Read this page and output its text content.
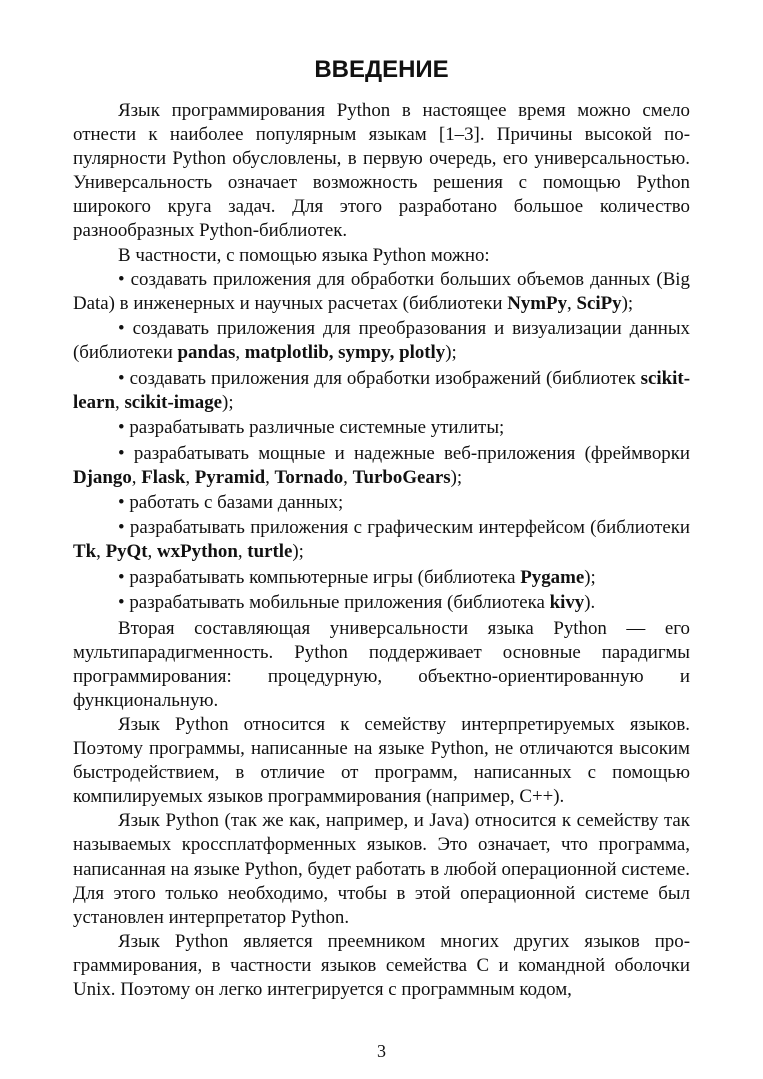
ВВЕДЕНИЕ

Язык программирования Python в настоящее время можно смело отнести к наиболее популярным языкам [1–3]. Причины высокой популярности Python обусловлены, в первую очередь, его универсальностью. Универсальность означает возможность решения с помощью Python широкого круга задач. Для этого разработано большое количество разнообразных Python-библиотек.

В частности, с помощью языка Python можно:

• создавать приложения для обработки больших объемов данных (Big Data) в инженерных и научных расчетах (библиотеки NymPy, SciPy);

• создавать приложения для преобразования и визуализации данных (библиотеки pandas, matplotlib, sympy, plotly);

• создавать приложения для обработки изображений (библиотек scikit-learn, scikit-image);

• разрабатывать различные системные утилиты;

• разрабатывать мощные и надежные веб-приложения (фреймворки Django, Flask, Pyramid, Tornado, TurboGears);

• работать с базами данных;

• разрабатывать приложения с графическим интерфейсом (библиотеки Tk, PyQt, wxPython, turtle);

• разрабатывать компьютерные игры (библиотека Pygame);

• разрабатывать мобильные приложения (библиотека kivy).

Вторая составляющая универсальности языка Python — его мультипарадигменность. Python поддерживает основные парадигмы программирования: процедурную, объектно-ориентированную и функциональную.

Язык Python относится к семейству интерпретируемых языков. Поэтому программы, написанные на языке Python, не отличаются высоким быстродействием, в отличие от программ, написанных с помощью компилируемых языков программирования (например, C++).

Язык Python (так же как, например, и Java) относится к семейству так называемых кроссплатформенных языков. Это означает, что программа, написанная на языке Python, будет работать в любой операционной системе. Для этого только необходимо, чтобы в этой операционной системе был установлен интерпретатор Python.

Язык Python является преемником многих других языков программирования, в частности языков семейства C и командной оболочки Unix. Поэтому он легко интегрируется с программным кодом,

3
